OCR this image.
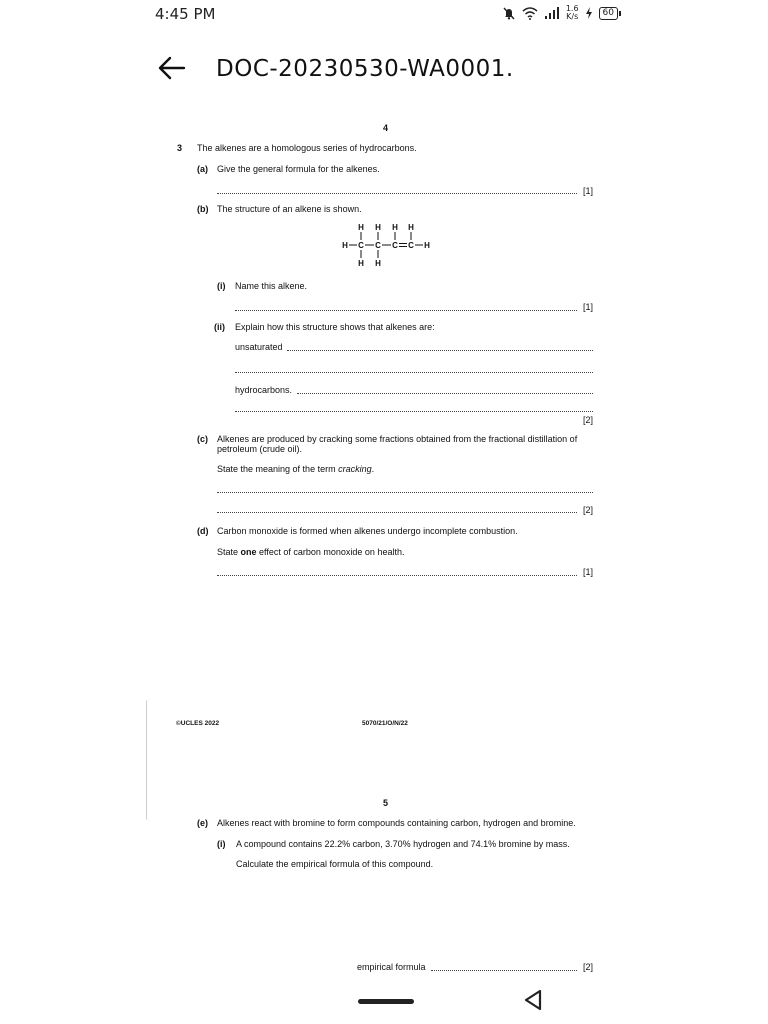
4:45 PM	1.6
K/s	60
DOC-20230530-WA0001.
4
3 The alkenes are a homologous series of hydrocarbons.
(a) Give the general formula for the alkenes.
[1]
(b) The structure of an alkene is shown.
H H H H
H C C C C H
H H
(i) Name this alkene.
[1]
(ii) Explain how this structure shows that alkenes are:
unsaturated
hydrocarbons.
[2]
(c) Alkenes are produced by cracking some fractions obtained from the fractional distillation of petroleum (crude oil).
State the meaning of the term cracking.
[2]
(d) Carbon monoxide is formed when alkenes undergo incomplete combustion.
State one effect of carbon monoxide on health.
[1]
©UCLES 2022	5070/21/O/N/22
5
(e) Alkenes react with bromine to form compounds containing carbon, hydrogen and bromine.
(i) A compound contains 22.2% carbon, 3.70% hydrogen and 74.1% bromine by mass.
Calculate the empirical formula of this compound.
empirical formula	[2]
